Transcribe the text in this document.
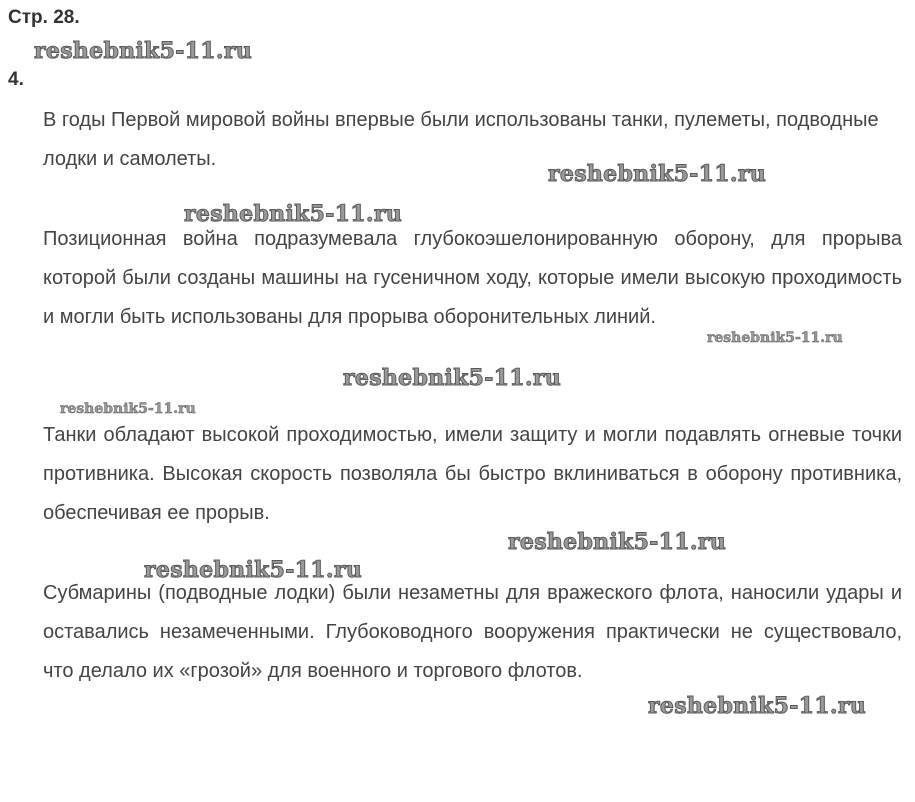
Стр. 28.
4.

В годы Первой мировой войны впервые были использованы танки, пулеметы, подводные лодки и самолеты.

Позиционная война подразумевала глубокоэшелонированную оборону, для прорыва которой были созданы машины на гусеничном ходу, которые имели высокую проходимость и могли быть использованы для прорыва оборонительных линий.

Танки обладают высокой проходимостью, имели защиту и могли подавлять огневые точки противника. Высокая скорость позволяла бы быстро вклиниваться в оборону противника, обеспечивая ее прорыв.

Субмарины (подводные лодки) были незаметны для вражеского флота, наносили удары и оставались незамеченными. Глубоководного вооружения практически не существовало, что делало их «грозой» для военного и торгового флотов.

reshebnik5-11.ru
reshebnik5-11.ru
reshebnik5-11.ru
reshebnik5-11.ru
reshebnik5-11.ru
reshebnik5-11.ru
reshebnik5-11.ru
reshebnik5-11.ru
reshebnik5-11.ru
